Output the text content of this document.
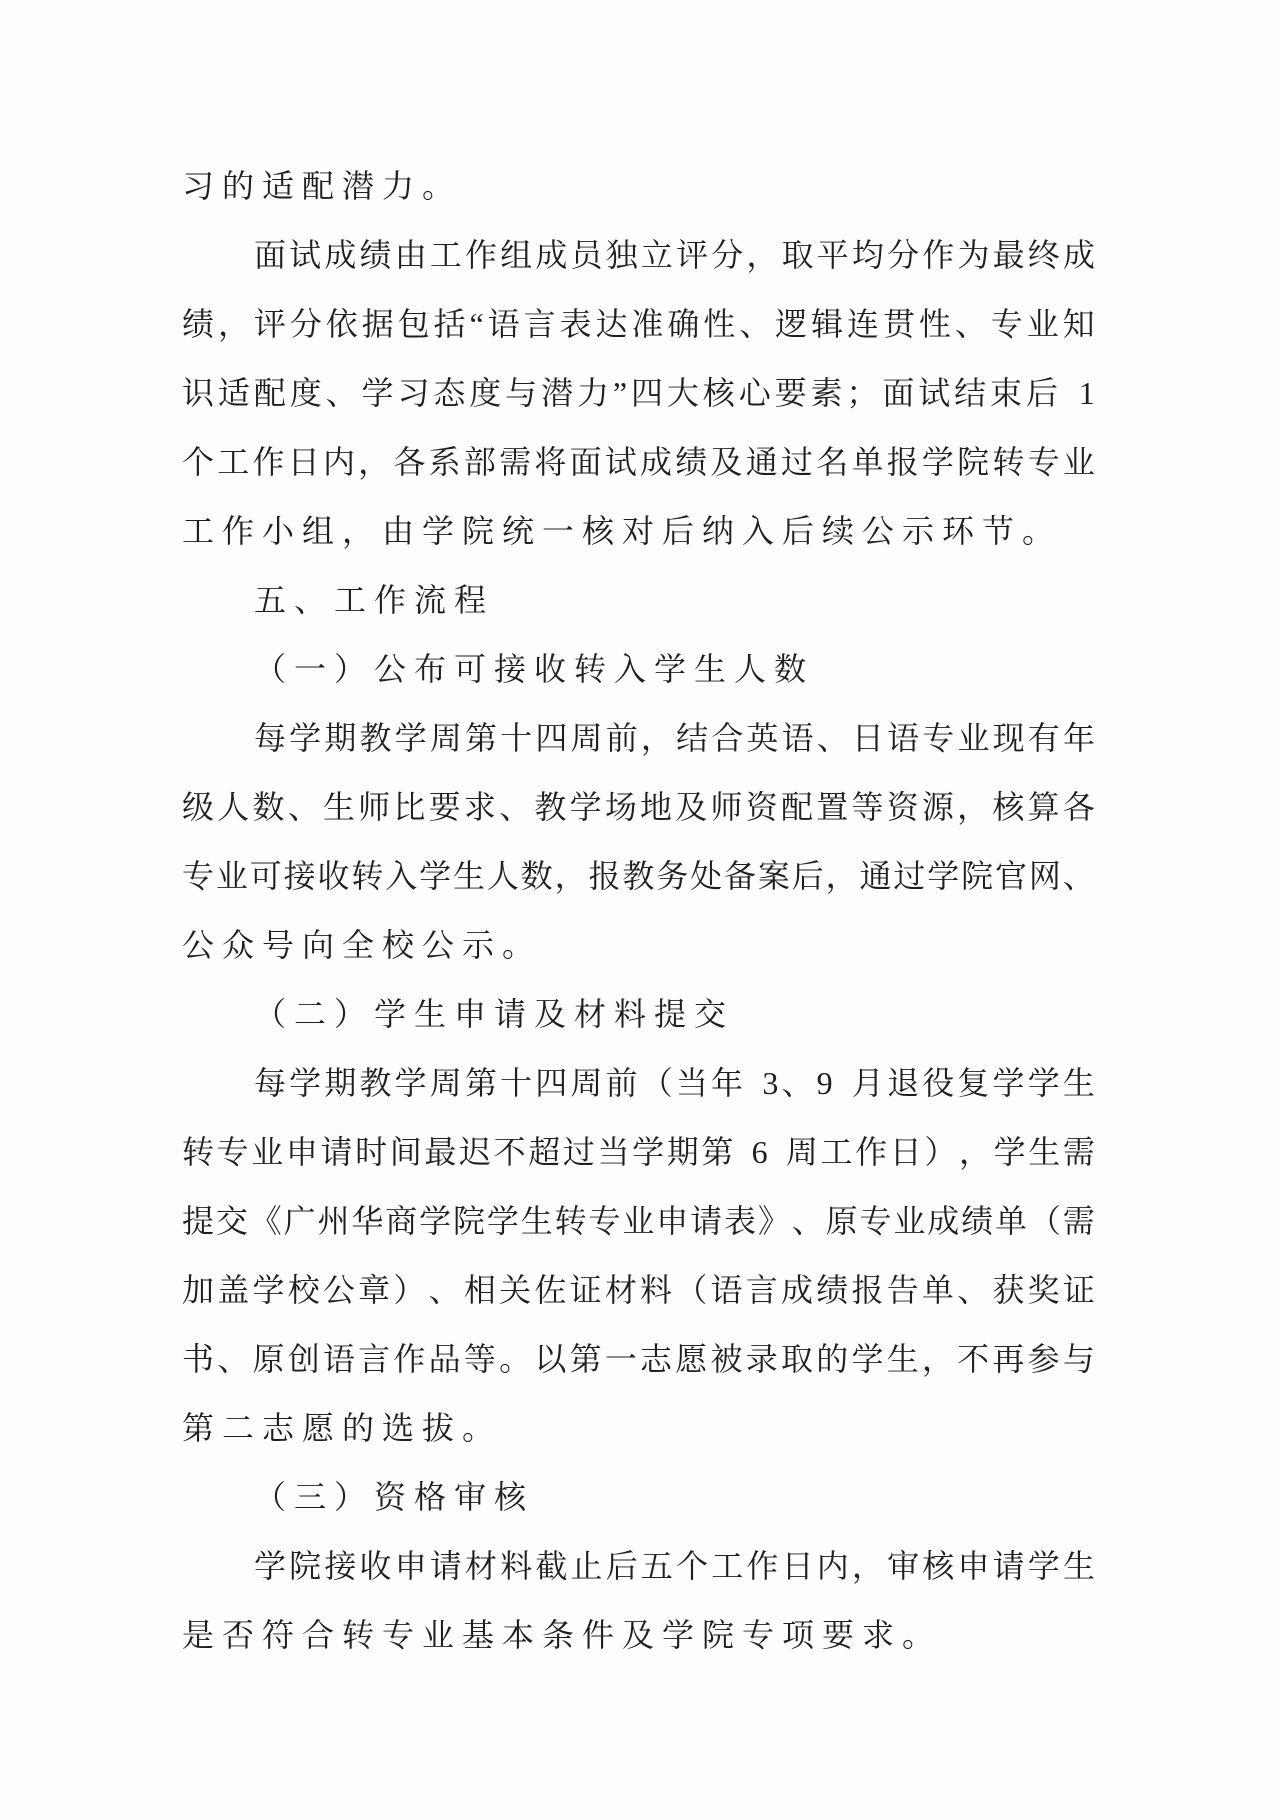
习的适配潜力。
面 试 成 绩 由 工 作 组 成 员 独 立 评 分 ， 取 平 均 分 作 为 最 终 成
绩 ， 评 分 依 据 包 括 “ 语 言 表 达 准 确 性 、 逻 辑 连 贯 性 、 专 业 知
识 适 配 度 、 学 习 态 度 与 潜 力 ” 四 大 核 心 要 素 ； 面 试 结 束 后
1
个 工 作 日 内 ， 各 系 部 需 将 面 试 成 绩 及 通 过 名 单 报 学 院 转 专 业
工作小组，由学院统一核对后纳入后续公示环节。
五、工作流程
（一）公布可接收转入学生人数
每 学 期 教 学 周 第 十 四 周 前 ， 结 合 英 语 、 日 语 专 业 现 有 年
级 人 数 、 生 师 比 要 求 、 教 学 场 地 及 师 资 配 置 等 资 源 ， 核 算 各
专 业 可 接 收 转 入 学 生 人 数 ， 报 教 务 处 备 案 后 ， 通 过 学 院 官 网 、
公众号向全校公示。
（二）学生申请及材料提交
每 学 期 教 学 周 第 十 四 周 前 （ 当 年
3 、 9
月 退 役 复 学 学 生
转 专 业 申 请 时 间 最 迟 不 超 过 当 学 期 第
6
周 工 作 日 ） ， 学 生 需
提 交 《 广 州 华 商 学 院 学 生 转 专 业 申 请 表 》 、 原 专 业 成 绩 单 （ 需
加 盖 学 校 公 章 ） 、 相 关 佐 证 材 料 （ 语 言 成 绩 报 告 单 、 获 奖 证
书 、 原 创 语 言 作 品 等 。 以 第 一 志 愿 被 录 取 的 学 生 ， 不 再 参 与
第二志愿的选拔。
（三）资格审核
学 院 接 收 申 请 材 料 截 止 后 五 个 工 作 日 内 ， 审 核 申 请 学 生
是否符合转专业基本条件及学院专项要求。
